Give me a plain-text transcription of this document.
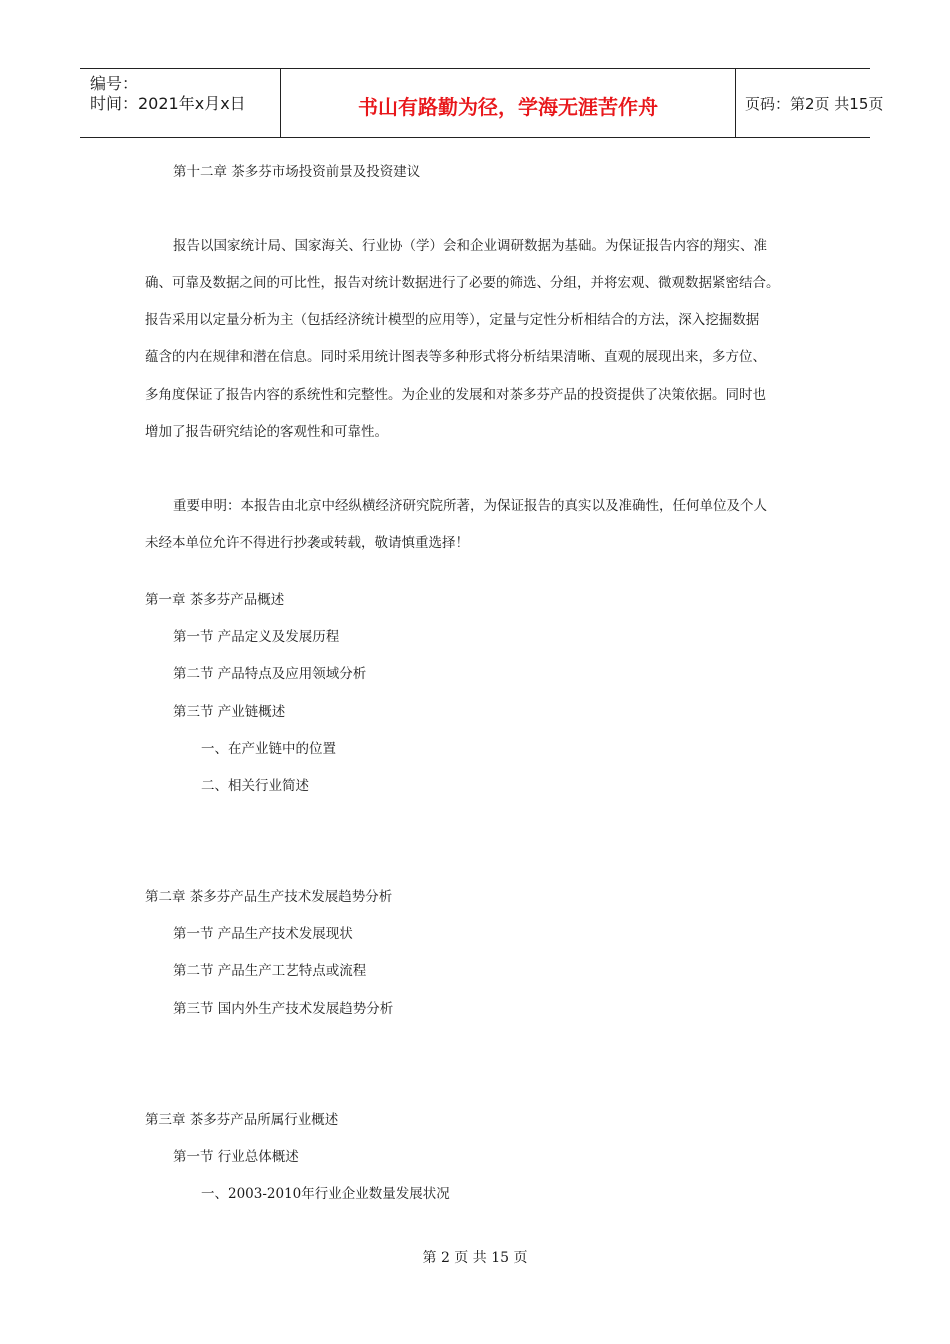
编号：
时间：2021年x月x日	书山有路勤为径，学海无涯苦作舟	页码：第2页 共15页
第十二章 茶多芬市场投资前景及投资建议
报告以国家统计局、国家海关、行业协（学）会和企业调研数据为基础。为保证报告内容的翔实、准
确、可靠及数据之间的可比性，报告对统计数据进行了必要的筛选、分组，并将宏观、微观数据紧密结合。
报告采用以定量分析为主（包括经济统计模型的应用等），定量与定性分析相结合的方法，深入挖掘数据
蕴含的内在规律和潜在信息。同时采用统计图表等多种形式将分析结果清晰、直观的展现出来，多方位、
多角度保证了报告内容的系统性和完整性。为企业的发展和对茶多芬产品的投资提供了决策依据。同时也
增加了报告研究结论的客观性和可靠性。
重要申明：本报告由北京中经纵横经济研究院所著，为保证报告的真实以及准确性，任何单位及个人
未经本单位允许不得进行抄袭或转载，敬请慎重选择！
第一章 茶多芬产品概述
第一节 产品定义及发展历程
第二节 产品特点及应用领域分析
第三节 产业链概述
一、在产业链中的位置
二、相关行业简述
第二章 茶多芬产品生产技术发展趋势分析
第一节 产品生产技术发展现状
第二节 产品生产工艺特点或流程
第三节 国内外生产技术发展趋势分析
第三章 茶多芬产品所属行业概述
第一节 行业总体概述
一、2003-2010年行业企业数量发展状况
第 2 页 共 15 页
